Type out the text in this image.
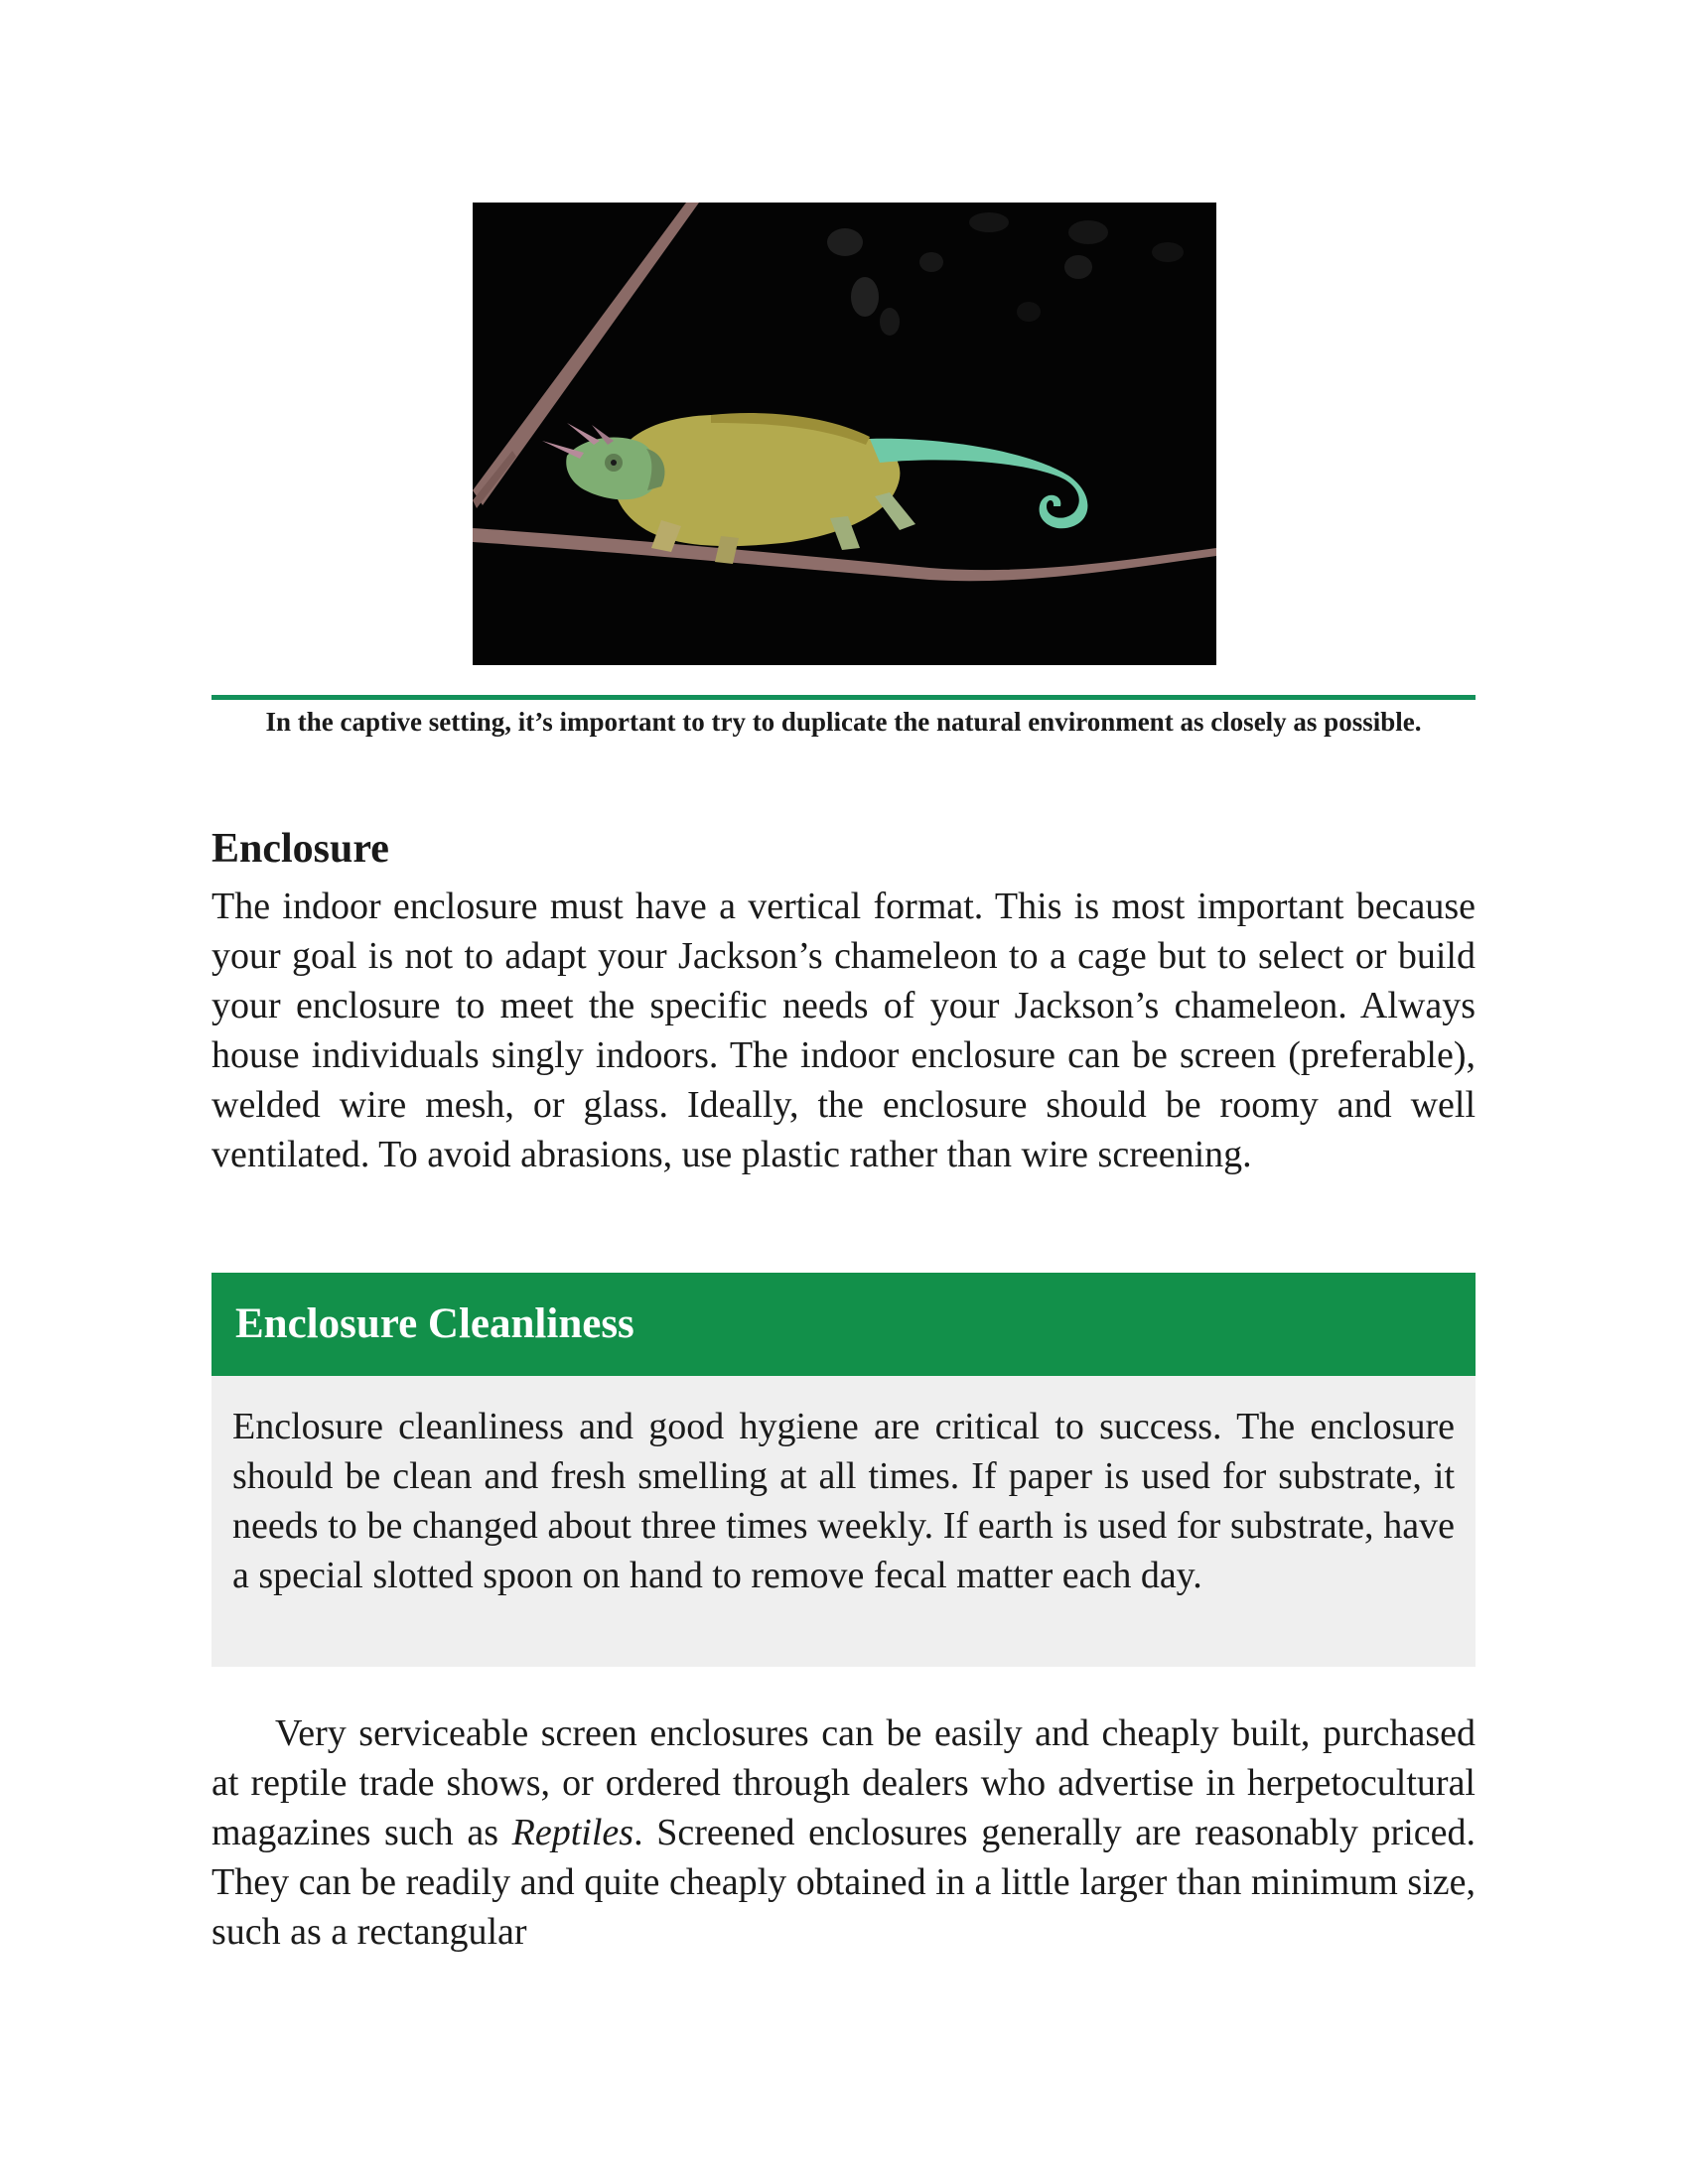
In the captive setting, it’s important to try to duplicate the natural environment as closely as possible.
Enclosure

The indoor enclosure must have a vertical format. This is most important because your goal is not to adapt your Jackson’s chameleon to a cage but to select or build your enclosure to meet the specific needs of your Jackson’s chameleon. Always house individuals singly indoors. The indoor enclosure can be screen (preferable), welded wire mesh, or glass. Ideally, the enclosure should be roomy and well ventilated. To avoid abrasions, use plastic rather than wire screening.

Enclosure Cleanliness

Enclosure cleanliness and good hygiene are critical to success. The enclosure should be clean and fresh smelling at all times. If paper is used for substrate, it needs to be changed about three times weekly. If earth is used for substrate, have a special slotted spoon on hand to remove fecal matter each day.

Very serviceable screen enclosures can be easily and cheaply built, purchased at reptile trade shows, or ordered through dealers who advertise in herpetocultural magazines such as Reptiles. Screened enclosures generally are reasonably priced. They can be readily and quite cheaply obtained in a little larger than minimum size, such as a rectangular
